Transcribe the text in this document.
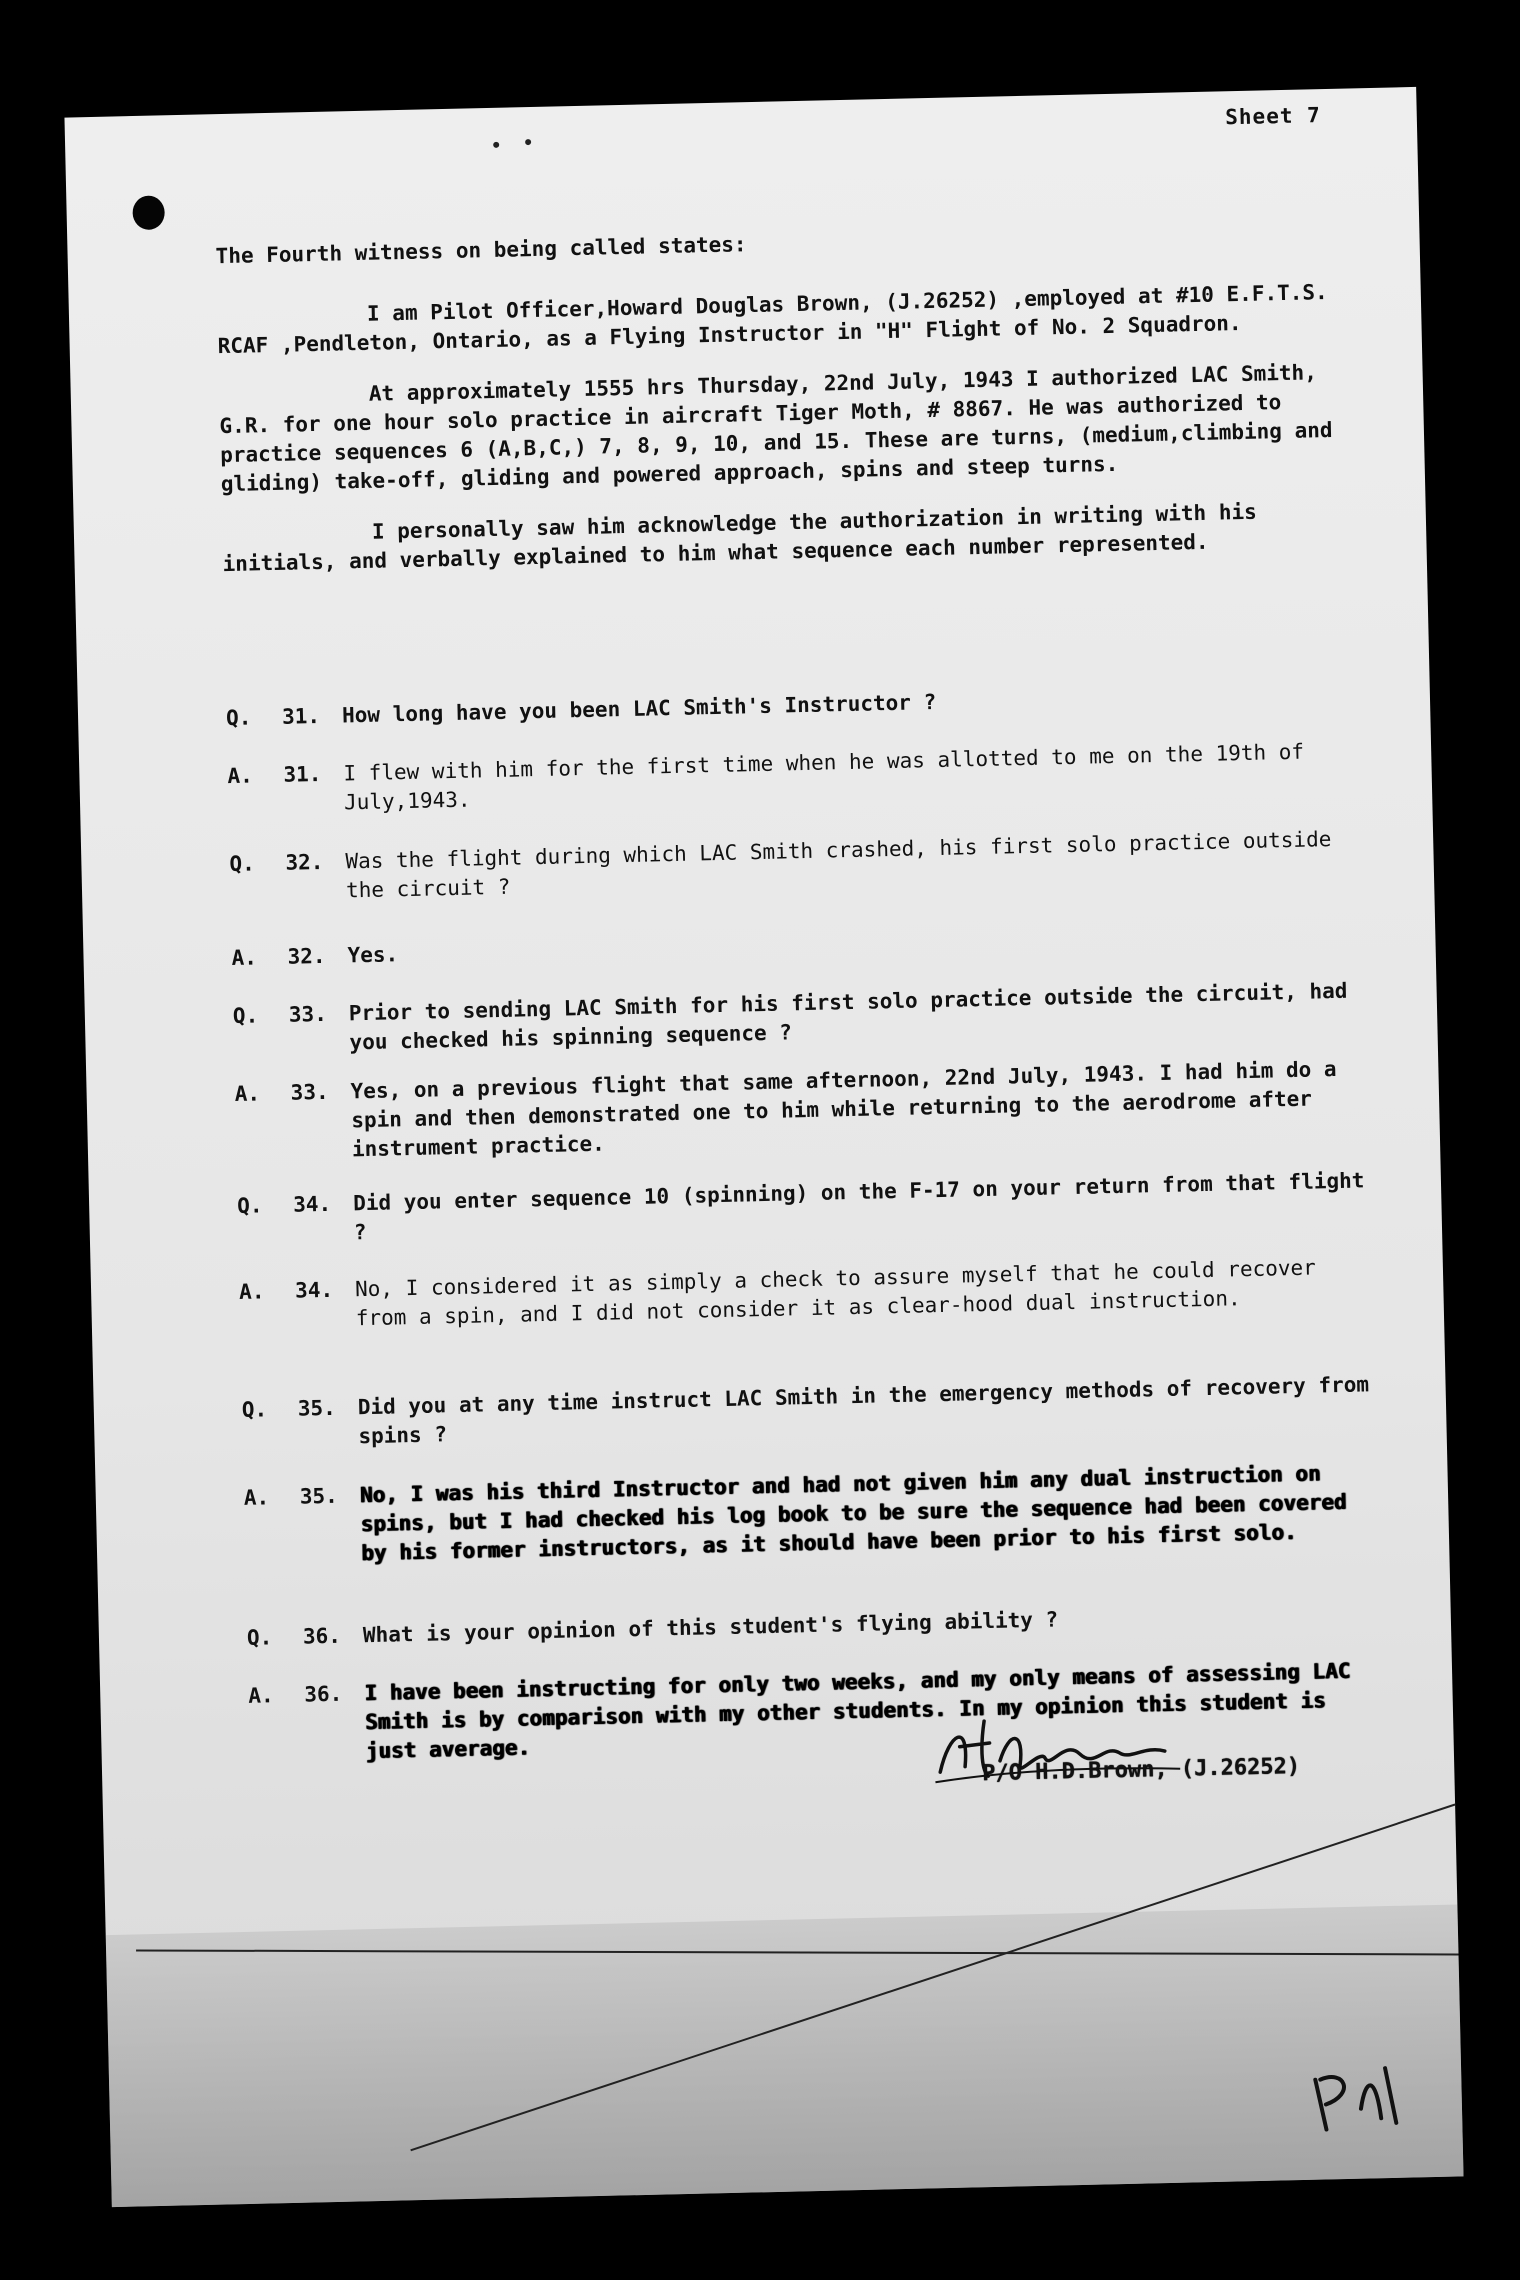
Sheet 7

The Fourth witness on being called states:

I am Pilot Officer,Howard Douglas Brown, (J.26252) ,employed at #10 E.F.T.S. RCAF ,Pendleton, Ontario, as a Flying Instructor in "H" Flight of No. 2 Squadron.

At approximately 1555 hrs Thursday, 22nd July, 1943 I authorized LAC Smith, G.R. for one hour solo practice in aircraft Tiger Moth, # 8867. He was authorized to practice sequences 6 (A,B,C,) 7, 8, 9, 10, and 15. These are turns, (medium,climbing and gliding) take-off, gliding and powered approach, spins and steep turns.

I personally saw him acknowledge the authorization in writing with his initials, and verbally explained to him what sequence each number represented.

Q.	31.	How long have you been LAC Smith's Instructor ?
A.	31.	I flew with him for the first time when he was allotted to me on the 19th of July,1943.
Q.	32.	Was the flight during which LAC Smith crashed, his first solo practice outside the circuit ?
A.	32.	Yes.
Q.	33.	Prior to sending LAC Smith for his first solo practice outside the circuit, had you checked his spinning sequence ?
A.	33.	Yes, on a previous flight that same afternoon, 22nd July, 1943. I had him do a spin and then demonstrated one to him while returning to the aerodrome after instrument practice.
Q.	34.	Did you enter sequence 10 (spinning) on the F-17 on your return from that flight ?
A.	34.	No, I considered it as simply a check to assure myself that he could recover from a spin, and I did not consider it as clear-hood dual instruction.
Q.	35.	Did you at any time instruct LAC Smith in the emergency methods of recovery from spins ?
A.	35.	No, I was his third Instructor and had not given him any dual instruction on spins, but I had checked his log book to be sure the sequence had been covered by his former instructors, as it should have been prior to his first solo.
Q.	36.	What is your opinion of this student's flying ability ?
A.	36.	I have been instructing for only two weeks, and my only means of assessing LAC Smith is by comparison with my other students. In my opinion this student is just average.
P/O H.D.Brown, (J.26252)
